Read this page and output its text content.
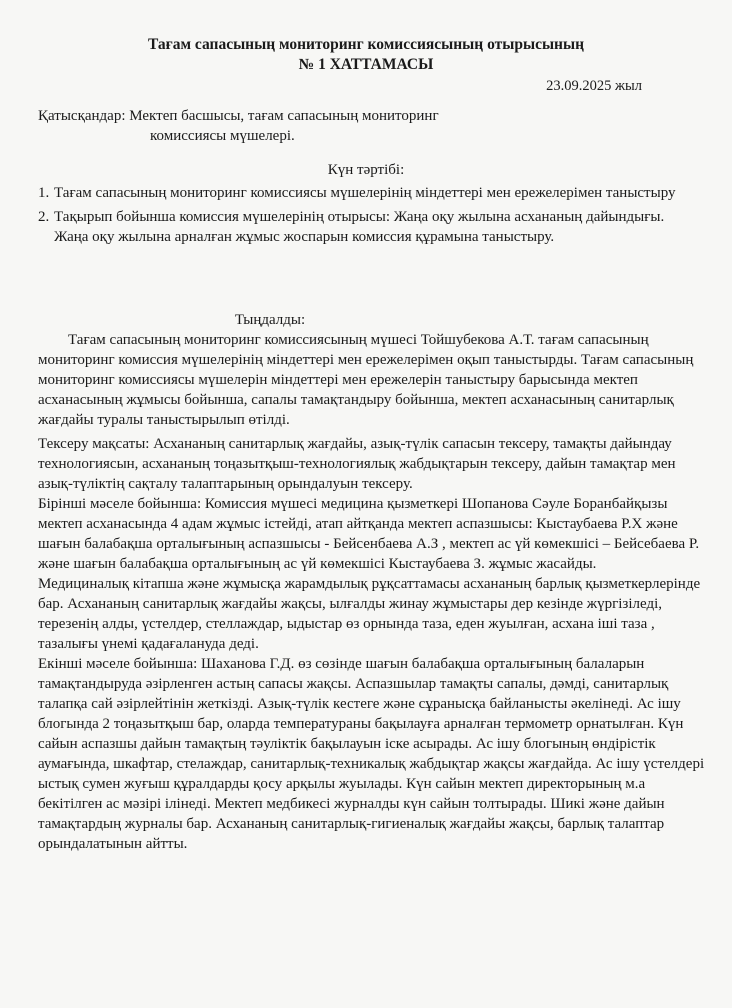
Тағам сапасының мониторинг комиссиясының отырысының
№ 1 ХАТТАМАСЫ
23.09.2025 жыл
Қатысқандар: Мектеп басшысы, тағам сапасының мониторинг
комиссиясы мүшелері.
Күн тәртібі:
1. Тағам сапасының мониторинг комиссиясы мүшелерінің міндеттері мен ережелерімен таныстыру
2. Тақырып бойынша комиссия мүшелерінің отырысы: Жаңа оқу жылына асхананың дайындығы. Жаңа оқу жылына арналған жұмыс жоспарын комиссия құрамына таныстыру.
Тыңдалды:

Тағам сапасының мониторинг комиссиясының мүшесі Тойшубекова А.Т. тағам сапасының мониторинг комиссия мүшелерінің міндеттері мен ережелерімен оқып таныстырды. Тағам сапасының мониторинг комиссиясы мүшелерін міндеттері мен ережелерін таныстыру барысында мектеп асханасының жұмысы бойынша, сапалы тамақтандыру бойынша, мектеп асханасының санитарлық жағдайы туралы таныстырылып өтілді.

Тексеру мақсаты: Асхананың санитарлық жағдайы, азық-түлік сапасын тексеру, тамақты дайындау технологиясын, асхананың тоңазытқыш-технологиялық жабдықтарын тексеру, дайын тамақтар мен азық-түліктің сақталу талаптарының орындалуын тексеру.

Бірінші мәселе бойынша: Комиссия мүшесі медицина қызметкері Шопанова Сәуле Боранбайқызы мектеп асханасында 4 адам жұмыс істейді, атап айтқанда мектеп аспазшысы: Кыстаубаева Р.Х және шағын балабақша орталығының аспазшысы - Бейсенбаева А.З , мектеп ас үй көмекшісі – Бейсебаева Р. және шағын балабақша орталығының ас үй көмекшісі Кыстаубаева З. жұмыс жасайды.

Медициналық кітапша және жұмысқа жарамдылық рұқсаттамасы асхананың барлық қызметкерлерінде бар. Асхананың санитарлық жағдайы жақсы, ылғалды жинау жұмыстары дер кезінде жүргізіледі, терезенің алды, үстелдер, стеллаждар, ыдыстар өз орнында таза, еден жуылған, асхана іші таза , тазалығы үнемі қадағалануда деді.

Екінші мәселе бойынша: Шаханова Г.Д. өз сөзінде шағын балабақша орталығының балаларын тамақтандыруда әзірленген астың сапасы жақсы. Аспазшылар тамақты сапалы, дәмді, санитарлық талапқа сай әзірлейтінін жеткізді. Азық-түлік кестеге және сұранысқа байланысты әкелінеді. Ас ішу блогында 2 тоңазытқыш бар, оларда температураны бақылауға арналған термометр орнатылған. Күн сайын аспазшы дайын тамақтың тәуліктік бақылауын іске асырады. Ас ішу блогының өндірістік аумағында, шкафтар, стелаждар, санитарлық-техникалық жабдықтар жақсы жағдайда. Ас ішу үстелдері ыстық сумен жуғыш құралдарды қосу арқылы жуылады. Күн сайын мектеп директорының м.а бекітілген ас мәзірі ілінеді. Мектеп медбикесі журналды күн сайын толтырады. Шикі және дайын тамақтардың журналы бар. Асхананың санитарлық-гигиеналық жағдайы жақсы, барлық талаптар орындалатынын айтты.
